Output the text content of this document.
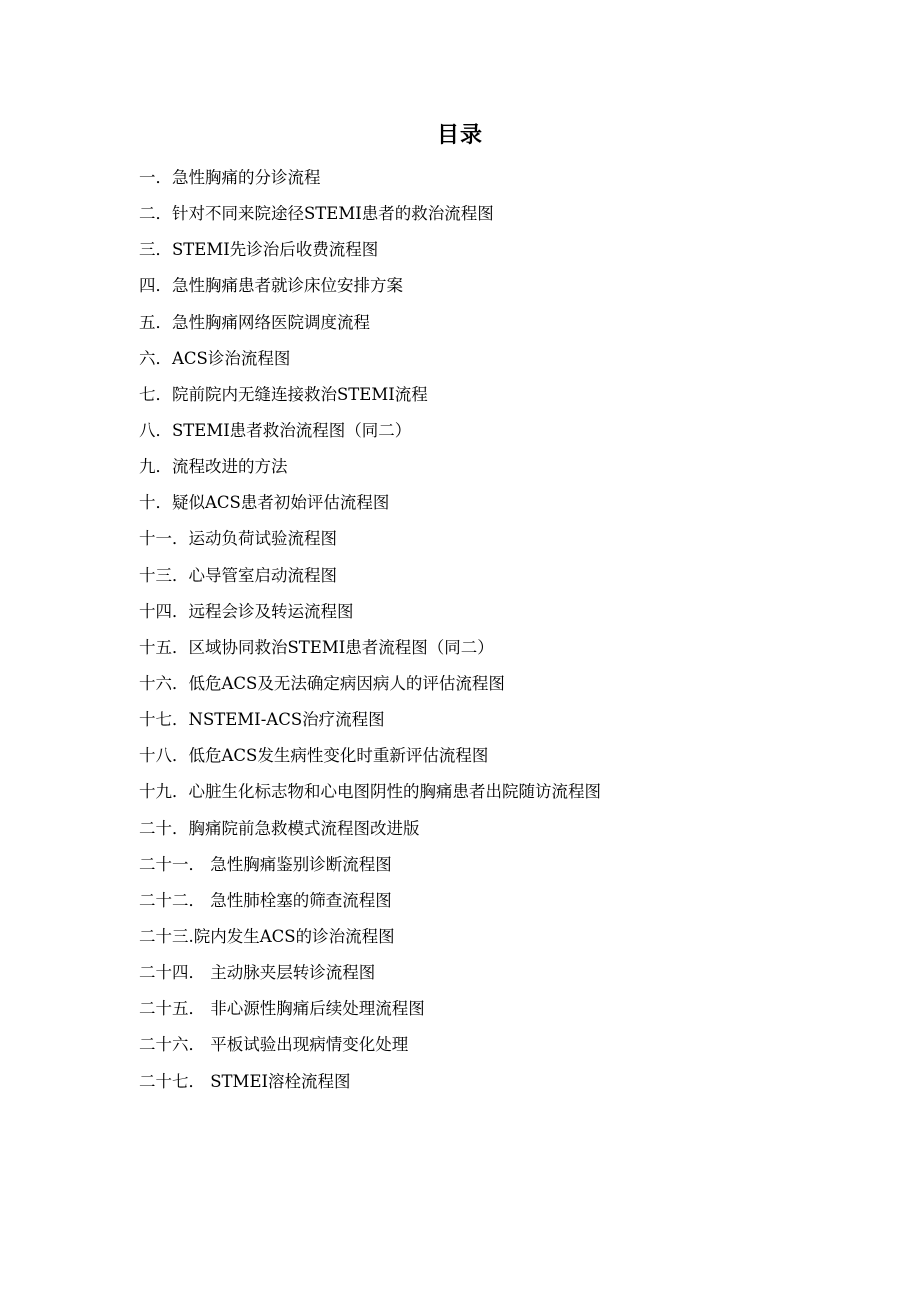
目录
一．急性胸痛的分诊流程
二．针对不同来院途径STEMI患者的救治流程图
三．STEMI先诊治后收费流程图
四．急性胸痛患者就诊床位安排方案
五．急性胸痛网络医院调度流程
六．ACS诊治流程图
七．院前院内无缝连接救治STEMI流程
八．STEMI患者救治流程图（同二）
九．流程改进的方法
十．疑似ACS患者初始评估流程图
十一．运动负荷试验流程图
十三．心导管室启动流程图
十四．远程会诊及转运流程图
十五．区域协同救治STEMI患者流程图（同二）
十六．低危ACS及无法确定病因病人的评估流程图
十七．NSTEMI-ACS治疗流程图
十八．低危ACS发生病性变化时重新评估流程图
十九．心脏生化标志物和心电图阴性的胸痛患者出院随访流程图
二十．胸痛院前急救模式流程图改进版
二十一． 急性胸痛鉴别诊断流程图
二十二． 急性肺栓塞的筛查流程图
二十三.院内发生ACS的诊治流程图
二十四． 主动脉夹层转诊流程图
二十五． 非心源性胸痛后续处理流程图
二十六． 平板试验出现病情变化处理
二十七． STMEI溶栓流程图
